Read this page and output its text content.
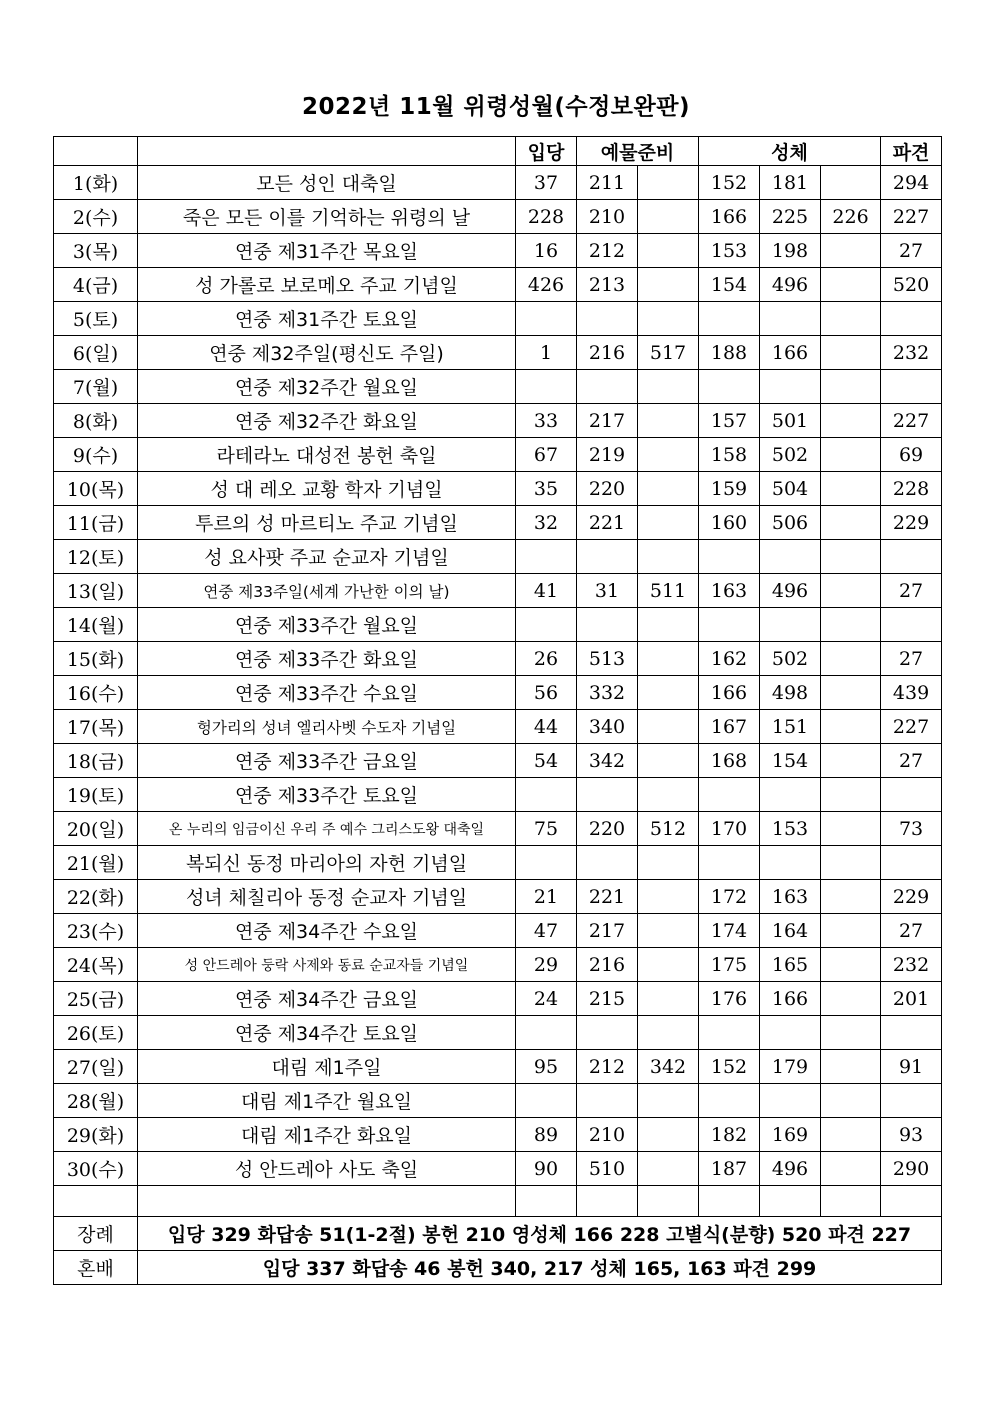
2022년 11월 위령성월(수정보완판)
		입당	예물준비		성체			파견
1(화)	모든 성인 대축일	37	211		152	181		294
2(수)	죽은 모든 이를 기억하는 위령의 날	228	210		166	225	226	227
3(목)	연중 제31주간 목요일	16	212		153	198		27
4(금)	성 가롤로 보로메오 주교 기념일	426	213		154	496		520
5(토)	연중 제31주간 토요일							
6(일)	연중 제32주일(평신도 주일)	1	216	517	188	166		232
7(월)	연중 제32주간 월요일							
8(화)	연중 제32주간 화요일	33	217		157	501		227
9(수)	라테라노 대성전 봉헌 축일	67	219		158	502		69
10(목)	성 대 레오 교황 학자 기념일	35	220		159	504		228
11(금)	투르의 성 마르티노 주교 기념일	32	221		160	506		229
12(토)	성 요사팟 주교 순교자 기념일							
13(일)	연중 제33주일(세계 가난한 이의 날)	41	31	511	163	496		27
14(월)	연중 제33주간 월요일							
15(화)	연중 제33주간 화요일	26	513		162	502		27
16(수)	연중 제33주간 수요일	56	332		166	498		439
17(목)	헝가리의 성녀 엘리사벳 수도자 기념일	44	340		167	151		227
18(금)	연중 제33주간 금요일	54	342		168	154		27
19(토)	연중 제33주간 토요일							
20(일)	온 누리의 임금이신 우리 주 예수 그리스도왕 대축일	75	220	512	170	153		73
21(월)	복되신 동정 마리아의 자헌 기념일							
22(화)	성녀 체칠리아 동정 순교자 기념일	21	221		172	163		229
23(수)	연중 제34주간 수요일	47	217		174	164		27
24(목)	성 안드레아 둥락 사제와 동료 순교자들 기념일	29	216		175	165		232
25(금)	연중 제34주간 금요일	24	215		176	166		201
26(토)	연중 제34주간 토요일							
27(일)	대림 제1주일	95	212	342	152	179		91
28(월)	대림 제1주간 월요일							
29(화)	대림 제1주간 화요일	89	210		182	169		93
30(수)	성 안드레아 사도 축일	90	510		187	496		290

장례	입당 329 화답송 51(1-2절) 봉헌 210 영성체 166 228 고별식(분향) 520 파견 227							
혼배	입당 337 화답송 46 봉헌 340, 217 성체 165, 163 파견 299							
